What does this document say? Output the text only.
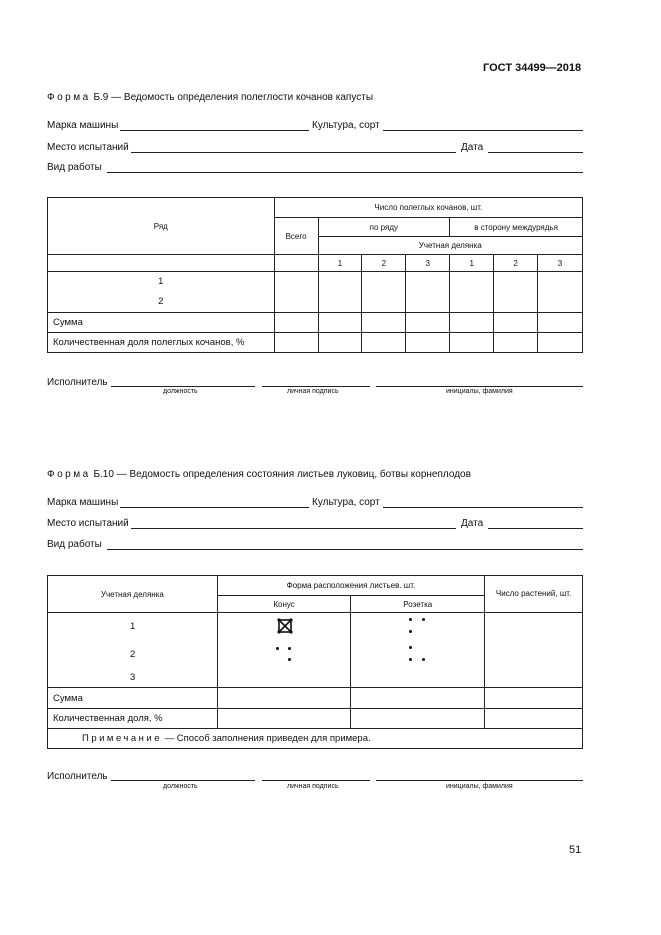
ГОСТ 34499—2018
Форма Б.9 — Ведомость определения полеглости кочанов капусты
Марка машины	Культура, сорт
Место испытаний	Дата
Вид работы
Ряд	Число полеглых кочанов, шт.						
	Всего	по ряду			в сторону междурядья		
		Учетная делянка					
		1	2	3	1	2	3

1
2							

Сумма							
Количественная доля полеглых кочанов, %							
Исполнитель
должность	личная подпись	инициалы, фамилия
Форма Б.10 — Ведомость определения состояния листьев луковиц, ботвы корнеплодов
Марка машины	Культура, сорт
Место испытаний	Дата
Вид работы
Учетная делянка	Форма расположения листьев. шт.		Число растений, шт.
	Конус	Розетка	

1
2
3

Сумма			
Количественная доля, %			
Примечание — Способ заполнения приведен для примера.			
Исполнитель
должность	личная подпись	инициалы, фамилия
51
